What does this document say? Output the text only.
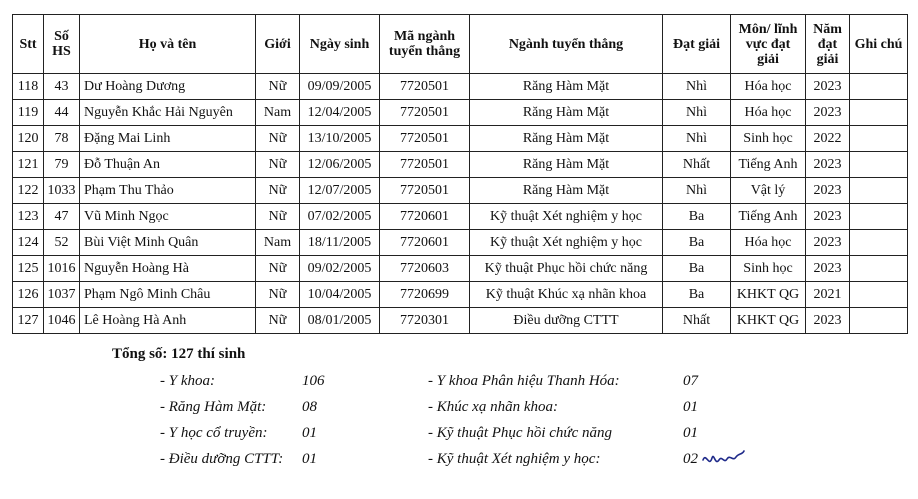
Stt	Số HS	Họ và tên	Giới	Ngày sinh	Mã ngành tuyển thẳng	Ngành tuyển thẳng	Đạt giải	Môn/ lĩnh vực đạt giải	Năm đạt giải	Ghi chú
118	43	Dư Hoàng Dương	Nữ	09/09/2005	7720501	Răng Hàm Mặt	Nhì	Hóa học	2023	
119	44	Nguyễn Khắc Hải Nguyên	Nam	12/04/2005	7720501	Răng Hàm Mặt	Nhì	Hóa học	2023	
120	78	Đặng Mai Linh	Nữ	13/10/2005	7720501	Răng Hàm Mặt	Nhì	Sinh học	2022	
121	79	Đỗ Thuận An	Nữ	12/06/2005	7720501	Răng Hàm Mặt	Nhất	Tiếng Anh	2023	
122	1033	Phạm Thu Thảo	Nữ	12/07/2005	7720501	Răng Hàm Mặt	Nhì	Vật lý	2023	
123	47	Vũ Minh Ngọc	Nữ	07/02/2005	7720601	Kỹ thuật Xét nghiệm y học	Ba	Tiếng Anh	2023	
124	52	Bùi Việt Minh Quân	Nam	18/11/2005	7720601	Kỹ thuật Xét nghiệm y học	Ba	Hóa học	2023	
125	1016	Nguyễn Hoàng Hà	Nữ	09/02/2005	7720603	Kỹ thuật Phục hồi chức năng	Ba	Sinh học	2023	
126	1037	Phạm Ngô Minh Châu	Nữ	10/04/2005	7720699	Kỹ thuật Khúc xạ nhãn khoa	Ba	KHKT QG	2021	
127	1046	Lê Hoàng Hà Anh	Nữ	08/01/2005	7720301	Điều dưỡng CTTT	Nhất	KHKT QG	2023	
Tổng số: 127 thí sinh
- Y khoa:	106
- Răng Hàm Mặt: 08
- Y học cổ truyền: 01
- Điều dưỡng CTTT: 01
- Y khoa Phân hiệu Thanh Hóa:	07
- Khúc xạ nhãn khoa:	01
- Kỹ thuật Phục hồi chức năng	01
- Kỹ thuật Xét nghiệm y học:	02
